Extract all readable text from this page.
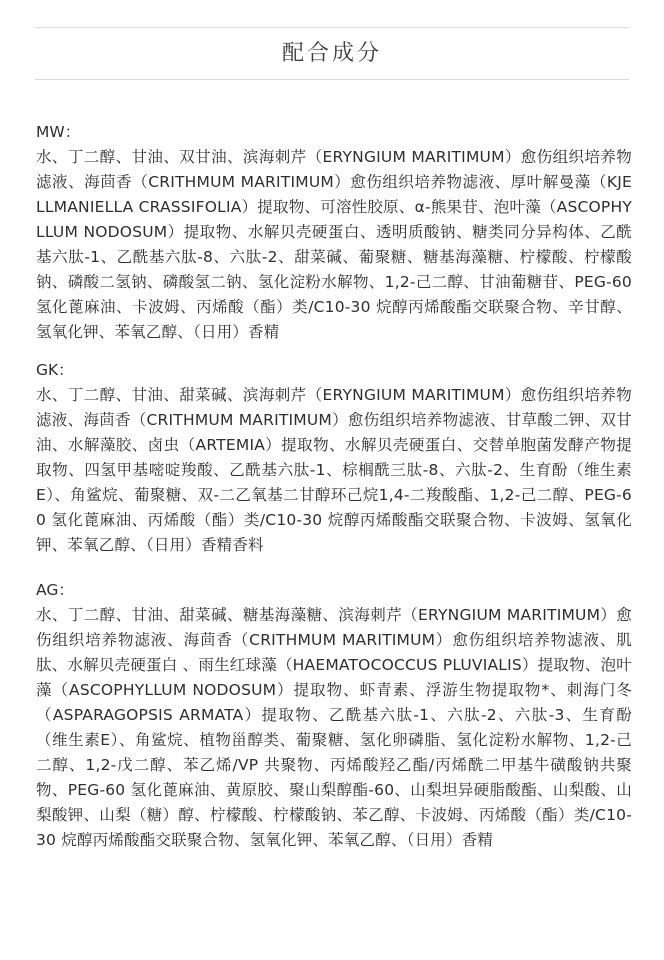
配合成分
MW：
水、丁二醇、甘油、双甘油、滨海刺芹（ERYNGIUM MARITIMUM）愈伤组织培养物滤液、海茴香（CRITHMUM MARITIMUM）愈伤组织培养物滤液、厚叶解曼藻（KJELLMANIELLA CRASSIFOLIA）提取物、可溶性胶原、α-熊果苷、泡叶藻（ASCOPHYLLUM NODOSUM）提取物、水解贝壳硬蛋白、透明质酸钠、糖类同分异构体、乙酰基六肽-1、乙酰基六肽-8、六肽-2、甜菜碱、葡聚糖、糖基海藻糖、柠檬酸、柠檬酸钠、磷酸二氢钠、磷酸氢二钠、氢化淀粉水解物、1,2-己二醇、甘油葡糖苷、PEG-60氢化蓖麻油、卡波姆、丙烯酸（酯）类/C10-30 烷醇丙烯酸酯交联聚合物、辛甘醇、氢氧化钾、苯氧乙醇、（日用）香精
GK：
水、丁二醇、甘油、甜菜碱、滨海刺芹（ERYNGIUM MARITIMUM）愈伤组织培养物滤液、海茴香（CRITHMUM MARITIMUM）愈伤组织培养物滤液、甘草酸二钾、双甘油、水解藻胶、卤虫（ARTEMIA）提取物、水解贝壳硬蛋白、交替单胞菌发酵产物提取物、四氢甲基嘧啶羧酸、乙酰基六肽-1、棕榈酰三肽-8、六肽-2、生育酚（维生素E）、角鲨烷、葡聚糖、双-二乙氧基二甘醇环己烷1,4-二羧酸酯、1,2-己二醇、PEG-60 氢化蓖麻油、丙烯酸（酯）类/C10-30 烷醇丙烯酸酯交联聚合物、卡波姆、氢氧化钾、苯氧乙醇、（日用）香精香料
AG：
水、丁二醇、甘油、甜菜碱、糖基海藻糖、滨海刺芹（ERYNGIUM MARITIMUM）愈伤组织培养物滤液、海茴香（CRITHMUM MARITIMUM）愈伤组织培养物滤液、肌肽、水解贝壳硬蛋白 、雨生红球藻（HAEMATOCOCCUS PLUVIALIS）提取物、泡叶藻（ASCOPHYLLUM NODOSUM）提取物、虾青素、浮游生物提取物*、刺海门冬（ASPARAGOPSIS ARMATA）提取物、乙酰基六肽-1、六肽-2、六肽-3、生育酚（维生素E）、角鲨烷、植物甾醇类、葡聚糖、氢化卵磷脂、氢化淀粉水解物、1,2-己二醇、1,2-戊二醇、苯乙烯/VP 共聚物、丙烯酸羟乙酯/丙烯酰二甲基牛磺酸钠共聚物、PEG-60 氢化蓖麻油、黄原胶、聚山梨醇酯-60、山梨坦异硬脂酸酯、山梨酸、山梨酸钾、山梨（糖）醇、柠檬酸、柠檬酸钠、苯乙醇、卡波姆、丙烯酸（酯）类/C10-30 烷醇丙烯酸酯交联聚合物、氢氧化钾、苯氧乙醇、（日用）香精
